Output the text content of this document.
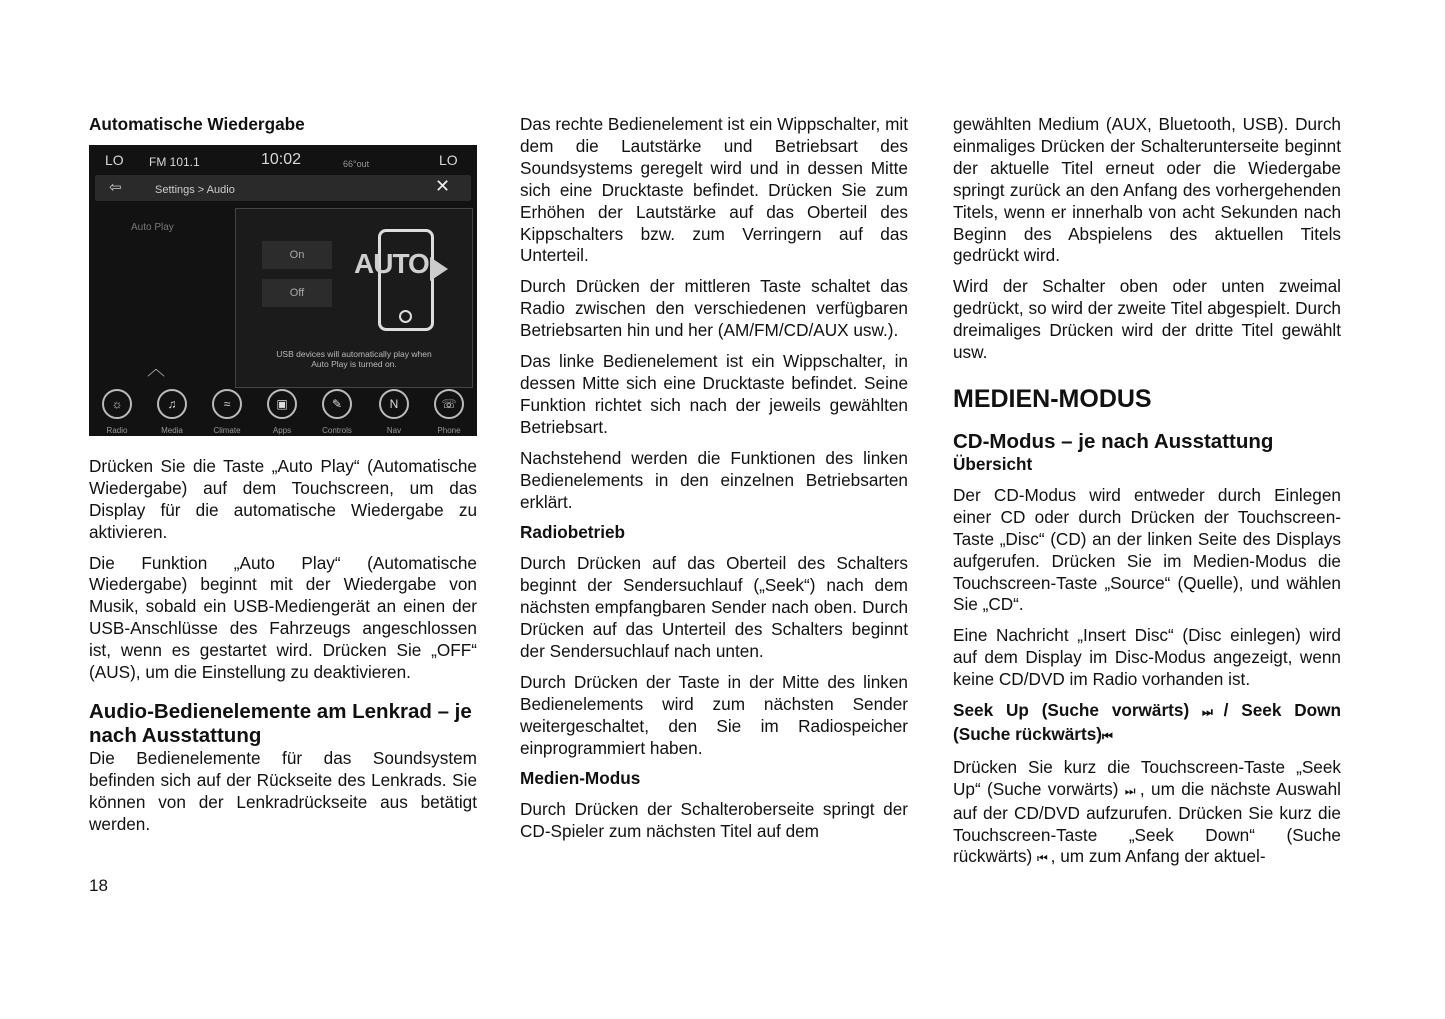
Automatische Wiedergabe
LO FM 101.1	10:02	66°out	LO
⇦	Settings > Audio	✕
Auto Play
On
Off
AUTO
USB devices will automatically play when
Auto Play is turned on.
︿
☼
Radio
♫
Media
≈
Climate
▣
Apps
✎
Controls
N
Nav
☏
Phone

Drücken Sie die Taste „Auto Play“ (Automatische Wiedergabe) auf dem Touchscreen, um das Display für die automatische Wiedergabe zu aktivieren.

Die Funktion „Auto Play“ (Automatische Wiedergabe) beginnt mit der Wiedergabe von Musik, sobald ein USB-Mediengerät an einen der USB-Anschlüsse des Fahrzeugs angeschlossen ist, wenn es gestartet wird. Drücken Sie „OFF“ (AUS), um die Einstellung zu deaktivieren.

Audio-Bedienelemente am Lenkrad – je nach Ausstattung

Die Bedienelemente für das Soundsystem befinden sich auf der Rückseite des Lenkrads. Sie können von der Lenkradrückseite aus betätigt werden.

Das rechte Bedienelement ist ein Wippschalter, mit dem die Lautstärke und Betriebsart des Soundsystems geregelt wird und in dessen Mitte sich eine Drucktaste befindet. Drücken Sie zum Erhöhen der Lautstärke auf das Oberteil des Kippschalters bzw. zum Verringern auf das Unterteil.

Durch Drücken der mittleren Taste schaltet das Radio zwischen den verschiedenen verfügbaren Betriebsarten hin und her (AM/FM/CD/AUX usw.).

Das linke Bedienelement ist ein Wippschalter, in dessen Mitte sich eine Drucktaste befindet. Seine Funktion richtet sich nach der jeweils gewählten Betriebsart.

Nachstehend werden die Funktionen des linken Bedienelements in den einzelnen Betriebsarten erklärt.

Radiobetrieb

Durch Drücken auf das Oberteil des Schalters beginnt der Sendersuchlauf („Seek“) nach dem nächsten empfangbaren Sender nach oben. Durch Drücken auf das Unterteil des Schalters beginnt der Sendersuchlauf nach unten.

Durch Drücken der Taste in der Mitte des linken Bedienelements wird zum nächsten Sender weitergeschaltet, den Sie im Radiospeicher einprogrammiert haben.

Medien-Modus

Durch Drücken der Schalteroberseite springt der CD-Spieler zum nächsten Titel auf dem

gewählten Medium (AUX, Bluetooth, USB). Durch einmaliges Drücken der Schalterunterseite beginnt der aktuelle Titel erneut oder die Wiedergabe springt zurück an den Anfang des vorhergehenden Titels, wenn er innerhalb von acht Sekunden nach Beginn des Abspielens des aktuellen Titels gedrückt wird.

Wird der Schalter oben oder unten zweimal gedrückt, so wird der zweite Titel abgespielt. Durch dreimaliges Drücken wird der dritte Titel gewählt usw.

MEDIEN-MODUS
CD-Modus – je nach Ausstattung
Übersicht

Der CD-Modus wird entweder durch Einlegen einer CD oder durch Drücken der Touchscreen-Taste „Disc“ (CD) an der linken Seite des Displays aufgerufen. Drücken Sie im Medien-Modus die Touchscreen-Taste „Source“ (Quelle), und wählen Sie „CD“.

Eine Nachricht „Insert Disc“ (Disc einlegen) wird auf dem Display im Disc-Modus angezeigt, wenn keine CD/DVD im Radio vorhanden ist.

Seek Up (Suche vorwärts) ⏭ / Seek Down (Suche rückwärts)⏮

Drücken Sie kurz die Touchscreen-Taste „Seek Up“ (Suche vorwärts) ⏭ , um die nächste Auswahl auf der CD/DVD aufzurufen. Drücken Sie kurz die Touchscreen-Taste „Seek Down“ (Suche rückwärts) ⏮ , um zum Anfang der aktuel-

18
